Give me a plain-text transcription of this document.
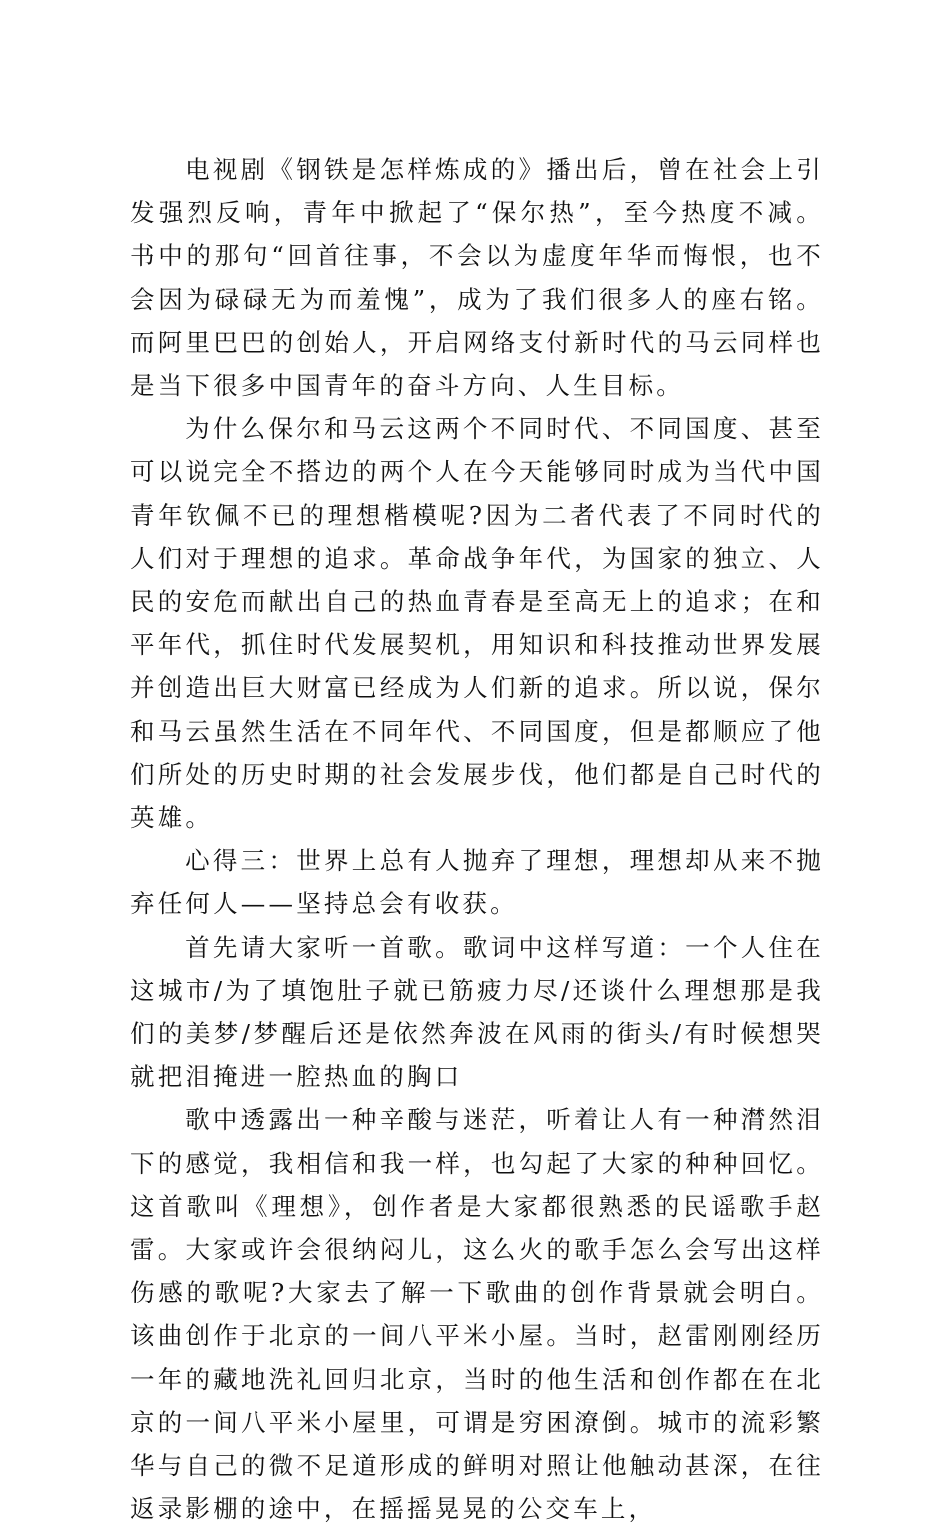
电视剧《钢铁是怎样炼成的》播出后，曾在社会上引发强烈反响，青年中掀起了“保尔热”，至今热度不减。书中的那句“回首往事，不会以为虚度年华而悔恨，也不会因为碌碌无为而羞愧”，成为了我们很多人的座右铭。而阿里巴巴的创始人，开启网络支付新时代的马云同样也是当下很多中国青年的奋斗方向、人生目标。

为什么保尔和马云这两个不同时代、不同国度、甚至可以说完全不搭边的两个人在今天能够同时成为当代中国青年钦佩不已的理想楷模呢?因为二者代表了不同时代的人们对于理想的追求。革命战争年代，为国家的独立、人民的安危而献出自己的热血青春是至高无上的追求；在和平年代，抓住时代发展契机，用知识和科技推动世界发展并创造出巨大财富已经成为人们新的追求。所以说，保尔和马云虽然生活在不同年代、不同国度，但是都顺应了他们所处的历史时期的社会发展步伐，他们都是自己时代的英雄。

心得三：世界上总有人抛弃了理想，理想却从来不抛弃任何人——坚持总会有收获。

首先请大家听一首歌。歌词中这样写道：一个人住在这城市/为了填饱肚子就已筋疲力尽/还谈什么理想那是我们的美梦/梦醒后还是依然奔波在风雨的街头/有时候想哭就把泪掩进一腔热血的胸口

歌中透露出一种辛酸与迷茫，听着让人有一种潸然泪下的感觉，我相信和我一样，也勾起了大家的种种回忆。这首歌叫《理想》，创作者是大家都很熟悉的民谣歌手赵雷。大家或许会很纳闷儿，这么火的歌手怎么会写出这样伤感的歌呢?大家去了解一下歌曲的创作背景就会明白。该曲创作于北京的一间八平米小屋。当时，赵雷刚刚经历一年的藏地洗礼回归北京，当时的他生活和创作都在在北京的一间八平米小屋里，可谓是穷困潦倒。城市的流彩繁华与自己的微不足道形成的鲜明对照让他触动甚深，在往返录影棚的途中，在摇摇晃晃的公交车上，
